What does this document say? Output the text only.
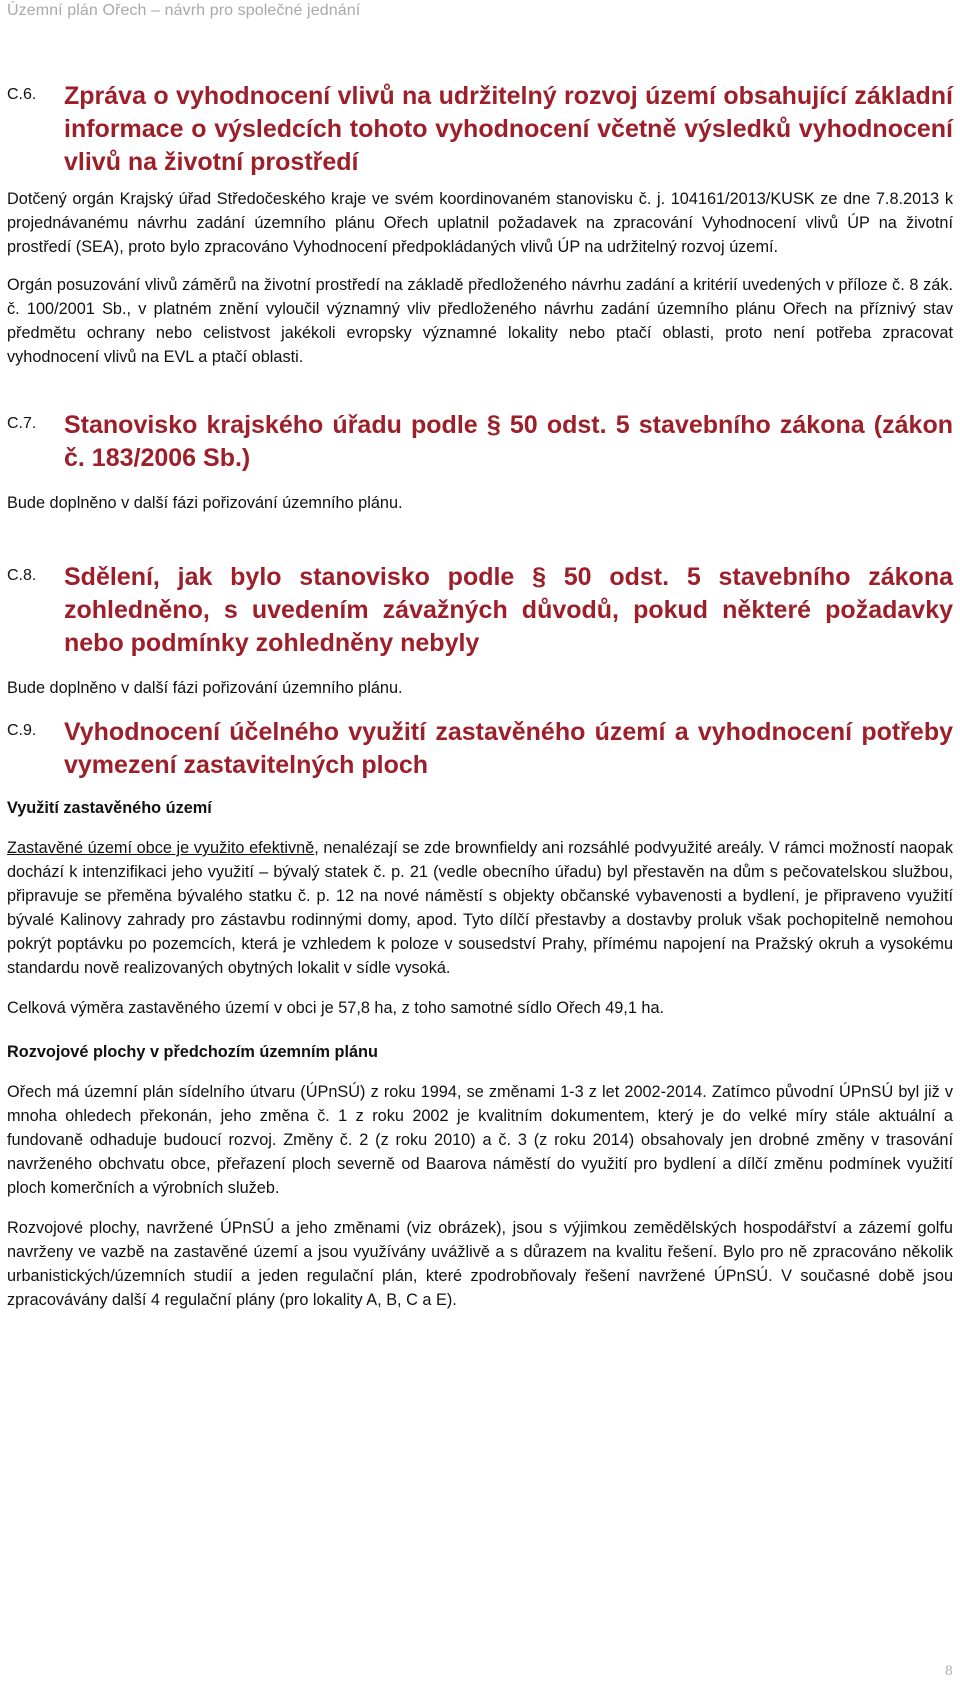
Územní plán Ořech – návrh pro společné jednání
C.6.	Zpráva o vyhodnocení vlivů na udržitelný rozvoj území obsahující základní informace o výsledcích tohoto vyhodnocení včetně výsledků vyhodnocení vlivů na životní prostředí

Dotčený orgán Krajský úřad Středočeského kraje ve svém koordinovaném stanovisku č. j. 104161/2013/KUSK ze dne 7.8.2013 k projednávanému návrhu zadání územního plánu Ořech uplatnil požadavek na zpracování Vyhodnocení vlivů ÚP na životní prostředí (SEA), proto bylo zpracováno Vyhodnocení předpokládaných vlivů ÚP na udržitelný rozvoj území.

Orgán posuzování vlivů záměrů na životní prostředí na základě předloženého návrhu zadání a kritérií uvedených v příloze č. 8 zák. č. 100/2001 Sb., v platném znění vyloučil významný vliv předloženého návrhu zadání územního plánu Ořech na příznivý stav předmětu ochrany nebo celistvost jakékoli evropsky významné lokality nebo ptačí oblasti, proto není potřeba zpracovat vyhodnocení vlivů na EVL a ptačí oblasti.

C.7.	Stanovisko krajského úřadu podle § 50 odst. 5 stavebního zákona (zákon č. 183/2006 Sb.)

Bude doplněno v další fázi pořizování územního plánu.

C.8.	Sdělení, jak bylo stanovisko podle § 50 odst. 5 stavebního zákona zohledněno, s uvedením závažných důvodů, pokud některé požadavky nebo podmínky zohledněny nebyly

Bude doplněno v další fázi pořizování územního plánu.

C.9.	Vyhodnocení účelného využití zastavěného území a vyhodnocení potřeby vymezení zastavitelných ploch

Využití zastavěného území

Zastavěné území obce je využito efektivně, nenalézají se zde brownfieldy ani rozsáhlé podvyužité areály. V rámci možností naopak dochází k intenzifikaci jeho využití – bývalý statek č. p. 21 (vedle obecního úřadu) byl přestavěn na dům s pečovatelskou službou, připravuje se přeměna bývalého statku č. p. 12 na nové náměstí s objekty občanské vybavenosti a bydlení, je připraveno využití bývalé Kalinovy zahrady pro zástavbu rodinnými domy, apod. Tyto dílčí přestavby a dostavby proluk však pochopitelně nemohou pokrýt poptávku po pozemcích, která je vzhledem k poloze v sousedství Prahy, přímému napojení na Pražský okruh a vysokému standardu nově realizovaných obytných lokalit v sídle vysoká.

Celková výměra zastavěného území v obci je 57,8 ha, z toho samotné sídlo Ořech 49,1 ha.

Rozvojové plochy v předchozím územním plánu

Ořech má územní plán sídelního útvaru (ÚPnSÚ) z roku 1994, se změnami 1-3 z let 2002-2014. Zatímco původní ÚPnSÚ byl již v mnoha ohledech překonán, jeho změna č. 1 z roku 2002 je kvalitním dokumentem, který je do velké míry stále aktuální a fundovaně odhaduje budoucí rozvoj. Změny č. 2 (z roku 2010) a č. 3 (z roku 2014) obsahovaly jen drobné změny v trasování navrženého obchvatu obce, přeřazení ploch severně od Baarova náměstí do využití pro bydlení a dílčí změnu podmínek využití ploch komerčních a výrobních služeb.

Rozvojové plochy, navržené ÚPnSÚ a jeho změnami (viz obrázek), jsou s výjimkou zemědělských hospodářství a zázemí golfu navrženy ve vazbě na zastavěné území a jsou využívány uvážlivě a s důrazem na kvalitu řešení. Bylo pro ně zpracováno několik urbanistických/územních studií a jeden regulační plán, které zpodrobňovaly řešení navržené ÚPnSÚ. V současné době jsou zpracovávány další 4 regulační plány (pro lokality A, B, C a E).

8
